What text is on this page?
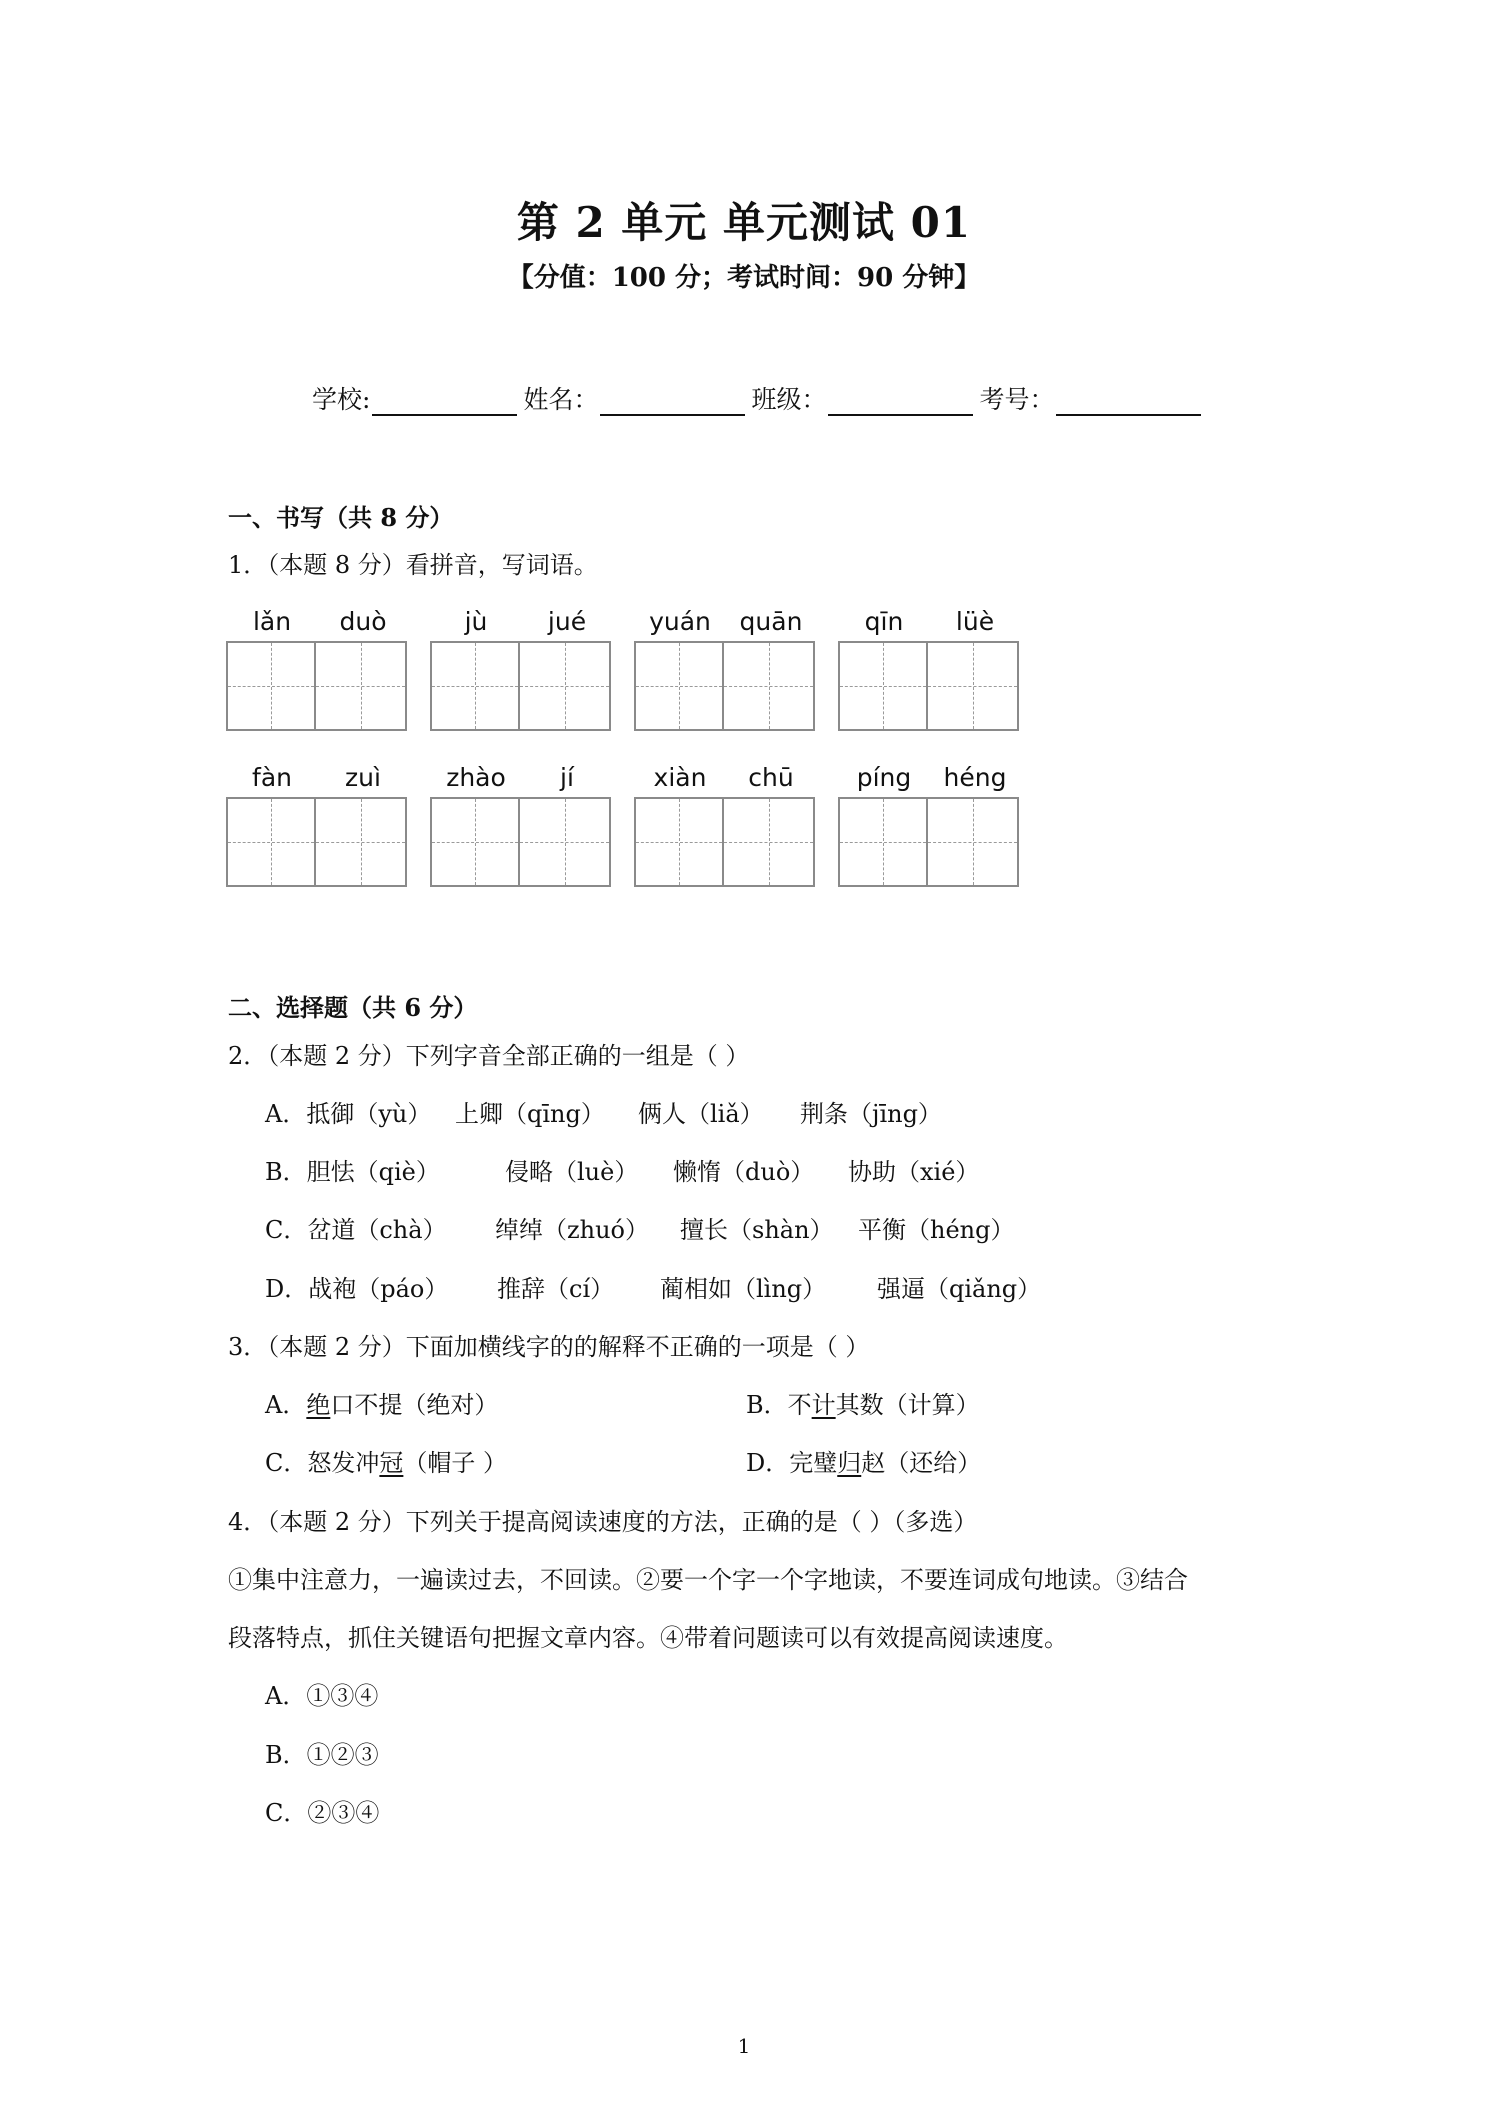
第 2 单元 单元测试 01
【分值：100 分；考试时间：90 分钟】
学校:	姓名：	班级：	考号：
一、书写（共 8 分）
1．（本题 8 分）看拼音，写词语。
lǎn	duò	jù	jué	yuán	quān	qīn	lüè
fàn	zuì	zhào	jí	xiàn	chū	píng	héng
二、选择题（共 6 分）
2．（本题 2 分）下列字音全部正确的一组是（ ）
A．抵御（yù） 上卿（qīng） 俩人（liǎ） 荆条（jīng）
B．胆怯（qiè）	侵略（luè） 懒惰（duò） 协助（xié）
C．岔道（chà） 绰绰（zhuó） 擅长（shàn） 平衡（héng）
D．战袍（páo） 推辞（cí） 蔺相如（lìng） 强逼（qiǎng）
3．（本题 2 分）下面加横线字的的解释不正确的一项是（ ）
A．绝口不提（绝对）	B．不计其数（计算）
C．怒发冲冠（帽子 ）	D．完璧归赵（还给）
4．（本题 2 分）下列关于提高阅读速度的方法，正确的是（ ）（多选）
①集中注意力，一遍读过去，不回读。②要一个字一个字地读，不要连词成句地读。③结合
段落特点，抓住关键语句把握文章内容。④带着问题读可以有效提高阅读速度。
A．①③④
B．①②③
C．②③④
1
